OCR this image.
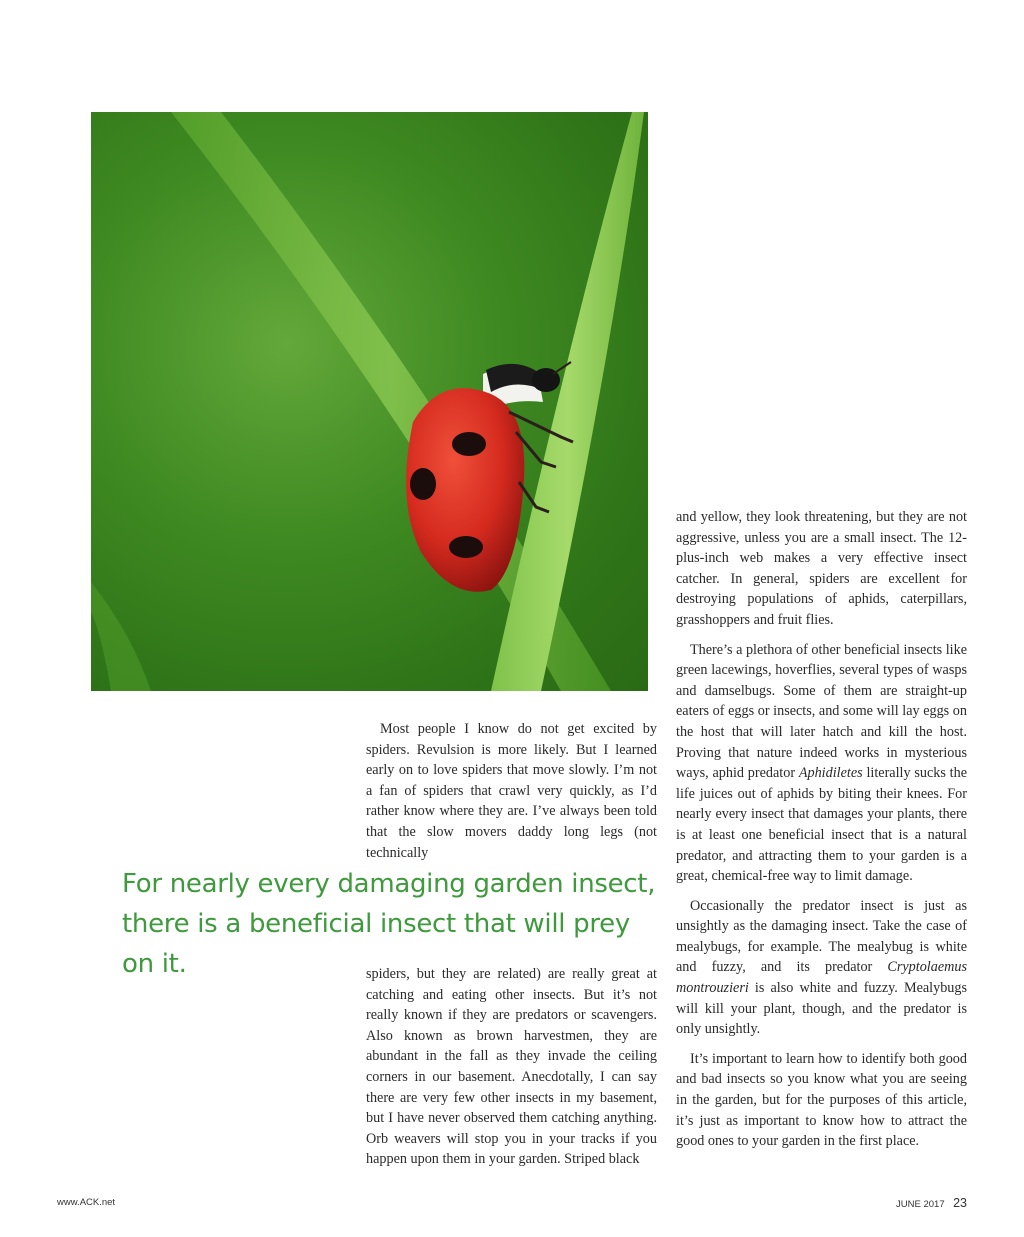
Most people I know do not get excited by spiders. Revulsion is more likely. But I learned early on to love spiders that move slowly. I’m not a fan of spiders that crawl very quickly, as I’d rather know where they are. I’ve always been told that the slow movers daddy long legs (not technically

For nearly every damaging garden insect, there is a beneficial insect that will prey on it.	spiders, but they are related) are really great at catching and eating other insects. But it’s not really known if they are predators or scavengers. Also known as brown harvestmen, they are abundant in the fall as they invade the ceiling corners in our basement. Anecdotally, I can say there are very few other insects in my basement, but I have never observed them catching anything. Orb weavers will stop you in your tracks if you happen upon them in your garden. Striped black

and yellow, they look threatening, but they are not aggressive, unless you are a small insect. The 12-plus-inch web makes a very effective insect catcher. In general, spiders are excellent for destroying populations of aphids, caterpillars, grasshoppers and fruit flies.

There’s a plethora of other beneficial insects like green lacewings, hoverflies, several types of wasps and damselbugs. Some of them are straight-up eaters of eggs or insects, and some will lay eggs on the host that will later hatch and kill the host. Proving that nature indeed works in mysterious ways, aphid predator Aphidiletes literally sucks the life juices out of aphids by biting their knees. For nearly every insect that damages your plants, there is at least one beneficial insect that is a natural predator, and attracting them to your garden is a great, chemical-free way to limit damage.

Occasionally the predator insect is just as unsightly as the damaging insect. Take the case of mealybugs, for example. The mealybug is white and fuzzy, and its predator Cryptolaemus montrouzieri is also white and fuzzy. Mealybugs will kill your plant, though, and the predator is only unsightly.

It’s important to learn how to identify both good and bad insects so you know what you are seeing in the garden, but for the purposes of this article, it’s just as important to know how to attract the good ones to your garden in the first place.

www.ACK.net	JUNE 2017 23
